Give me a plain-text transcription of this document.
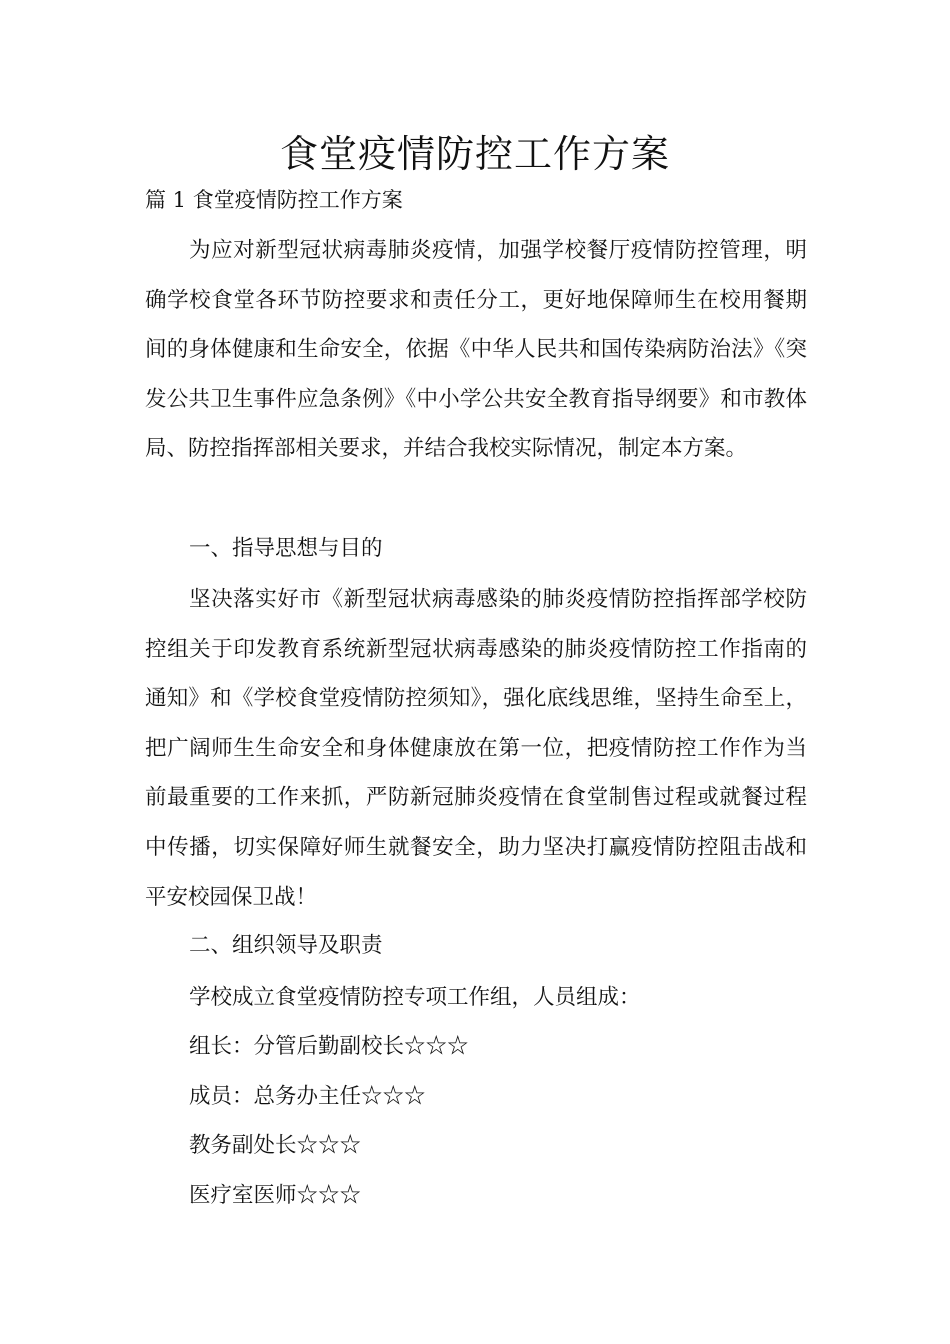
食堂疫情防控工作方案

篇 1 食堂疫情防控工作方案

为应对新型冠状病毒肺炎疫情，加强学校餐厅疫情防控管理，明确学校食堂各环节防控要求和责任分工，更好地保障师生在校用餐期间的身体健康和生命安全，依据《中华人民共和国传染病防治法》《突发公共卫生事件应急条例》《中小学公共安全教育指导纲要》和市教体局、防控指挥部相关要求，并结合我校实际情况，制定本方案。

一、指导思想与目的

坚决落实好市《新型冠状病毒感染的肺炎疫情防控指挥部学校防控组关于印发教育系统新型冠状病毒感染的肺炎疫情防控工作指南的通知》和《学校食堂疫情防控须知》，强化底线思维，坚持生命至上，把广阔师生生命安全和身体健康放在第一位，把疫情防控工作作为当前最重要的工作来抓，严防新冠肺炎疫情在食堂制售过程或就餐过程中传播，切实保障好师生就餐安全，助力坚决打赢疫情防控阻击战和平安校园保卫战！

二、组织领导及职责

学校成立食堂疫情防控专项工作组，人员组成：

组长：分管后勤副校长☆☆☆

成员：总务办主任☆☆☆

教务副处长☆☆☆

医疗室医师☆☆☆
